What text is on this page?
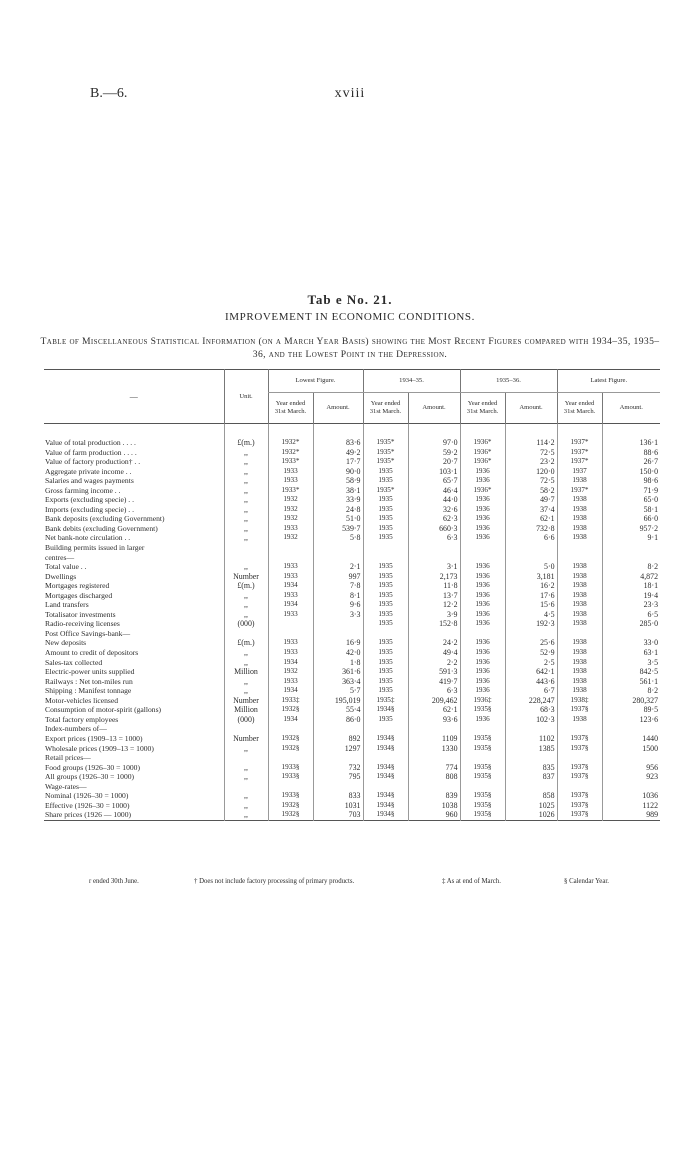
B.—6.	xviii
Tab e No. 21.
IMPROVEMENT IN ECONOMIC CONDITIONS.
Table of Miscellaneous Statistical Information (on a March Year Basis) showing the Most Recent Figures compared with 1934–35, 1935–36, and the Lowest Point in the Depression.
—	Unit.	Lowest Figure.		1934–35.		1935–36.		Latest Figure.	
		Year ended 31st March.	Amount.	Year ended 31st March.	Amount.	Year ended 31st March.	Amount.	Year ended 31st March.	Amount.
Value of total production . . . .	£(m.)	1932*	83·6	1935*	97·0	1936*	114·2	1937*	136·1
Value of farm production . . . .	,,	1932*	49·2	1935*	59·2	1936*	72·5	1937*	88·6
Value of factory production† . .	,,	1933*	17·7	1935*	20·7	1936*	23·2	1937*	26·7
Aggregate private income . .	,,	1933	90·0	1935	103·1	1936	120·0	1937	150·0
Salaries and wages payments	,,	1933	58·9	1935	65·7	1936	72·5	1938	98·6
Gross farming income . .	,,	1933*	38·1	1935*	46·4	1936*	58·2	1937*	71·9
Exports (excluding specie) . .	,,	1932	33·9	1935	44·0	1936	49·7	1938	65·0
Imports (excluding specie) . .	,,	1932	24·8	1935	32·6	1936	37·4	1938	58·1
Bank deposits (excluding Government)	,,	1932	51·0	1935	62·3	1936	62·1	1938	66·0
Bank debits (excluding Government)	,,	1933	539·7	1935	660·3	1936	732·8	1938	957·2
Net bank-note circulation . .	,,	1932	5·8	1935	6·3	1936	6·6	1938	9·1
Building permits issued in larger									
centres—									
Total value . .	,,	1933	2·1	1935	3·1	1936	5·0	1938	8·2
Dwellings	Number	1933	997	1935	2,173	1936	3,181	1938	4,872
Mortgages registered	£(m.)	1934	7·8	1935	11·8	1936	16·2	1938	18·1
Mortgages discharged	,,	1933	8·1	1935	13·7	1936	17·6	1938	19·4
Land transfers	,,	1934	9·6	1935	12·2	1936	15·6	1938	23·3
Totalisator investments	,,	1933	3·3	1935	3·9	1936	4·5	1938	6·5
Radio-receiving licenses	(000)			1935	152·8	1936	192·3	1938	285·0
Post Office Savings-bank—									
New deposits	£(m.)	1933	16·9	1935	24·2	1936	25·6	1938	33·0
Amount to credit of depositors	,,	1933	42·0	1935	49·4	1936	52·9	1938	63·1
Sales-tax collected	,,	1934	1·8	1935	2·2	1936	2·5	1938	3·5
Electric-power units supplied	Million	1932	361·6	1935	591·3	1936	642·1	1938	842·5
Railways : Net ton-miles run	,,	1933	363·4	1935	419·7	1936	443·6	1938	561·1
Shipping : Manifest tonnage	,,	1934	5·7	1935	6·3	1936	6·7	1938	8·2
Motor-vehicles licensed	Number	1933‡	195,019	1935‡	209,462	1936‡	228,247	1938‡	280,327
Consumption of motor-spirit (gallons)	Million	1932§	55·4	1934§	62·1	1935§	68·3	1937§	89·5
Total factory employees	(000)	1934	86·0	1935	93·6	1936	102·3	1938	123·6
Index-numbers of—									
Export prices (1909–13 = 1000)	Number	1932§	892	1934§	1109	1935§	1102	1937§	1440
Wholesale prices (1909–13 = 1000)	,,	1932§	1297	1934§	1330	1935§	1385	1937§	1500
Retail prices—									
Food groups (1926–30 = 1000)	,,	1933§	732	1934§	774	1935§	835	1937§	956
All groups (1926–30 = 1000)	,,	1933§	795	1934§	808	1935§	837	1937§	923
Wage-rates—									
Nominal (1926–30 = 1000)	,,	1933§	833	1934§	839	1935§	858	1937§	1036
Effective (1926–30 = 1000)	,,	1932§	1031	1934§	1038	1935§	1025	1937§	1122
Share prices (1926 — 1000)	,,	1932§	703	1934§	960	1935§	1026	1937§	989
r ended 30th June.	† Does not include factory processing of primary products.	‡ As at end of March.	§ Calendar Year.
